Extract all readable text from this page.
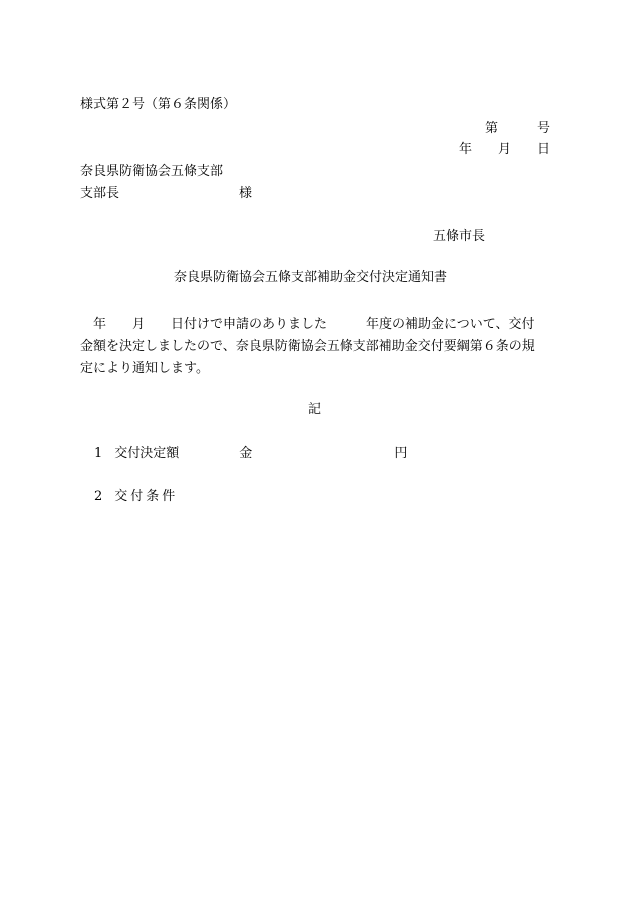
様式第２号（第６条関係）
第　　　号
年　　月　　日
奈良県防衛協会五條支部
支部長	様
五條市長
奈良県防衛協会五條支部補助金交付決定通知書
　年　　月　　日付けで申請のありました　　　年度の補助金について、交付
金額を決定しましたので、奈良県防衛協会五條支部補助金交付要綱第６条の規
定により通知します。
記
1 交付決定額	金	円
2 交付条件
